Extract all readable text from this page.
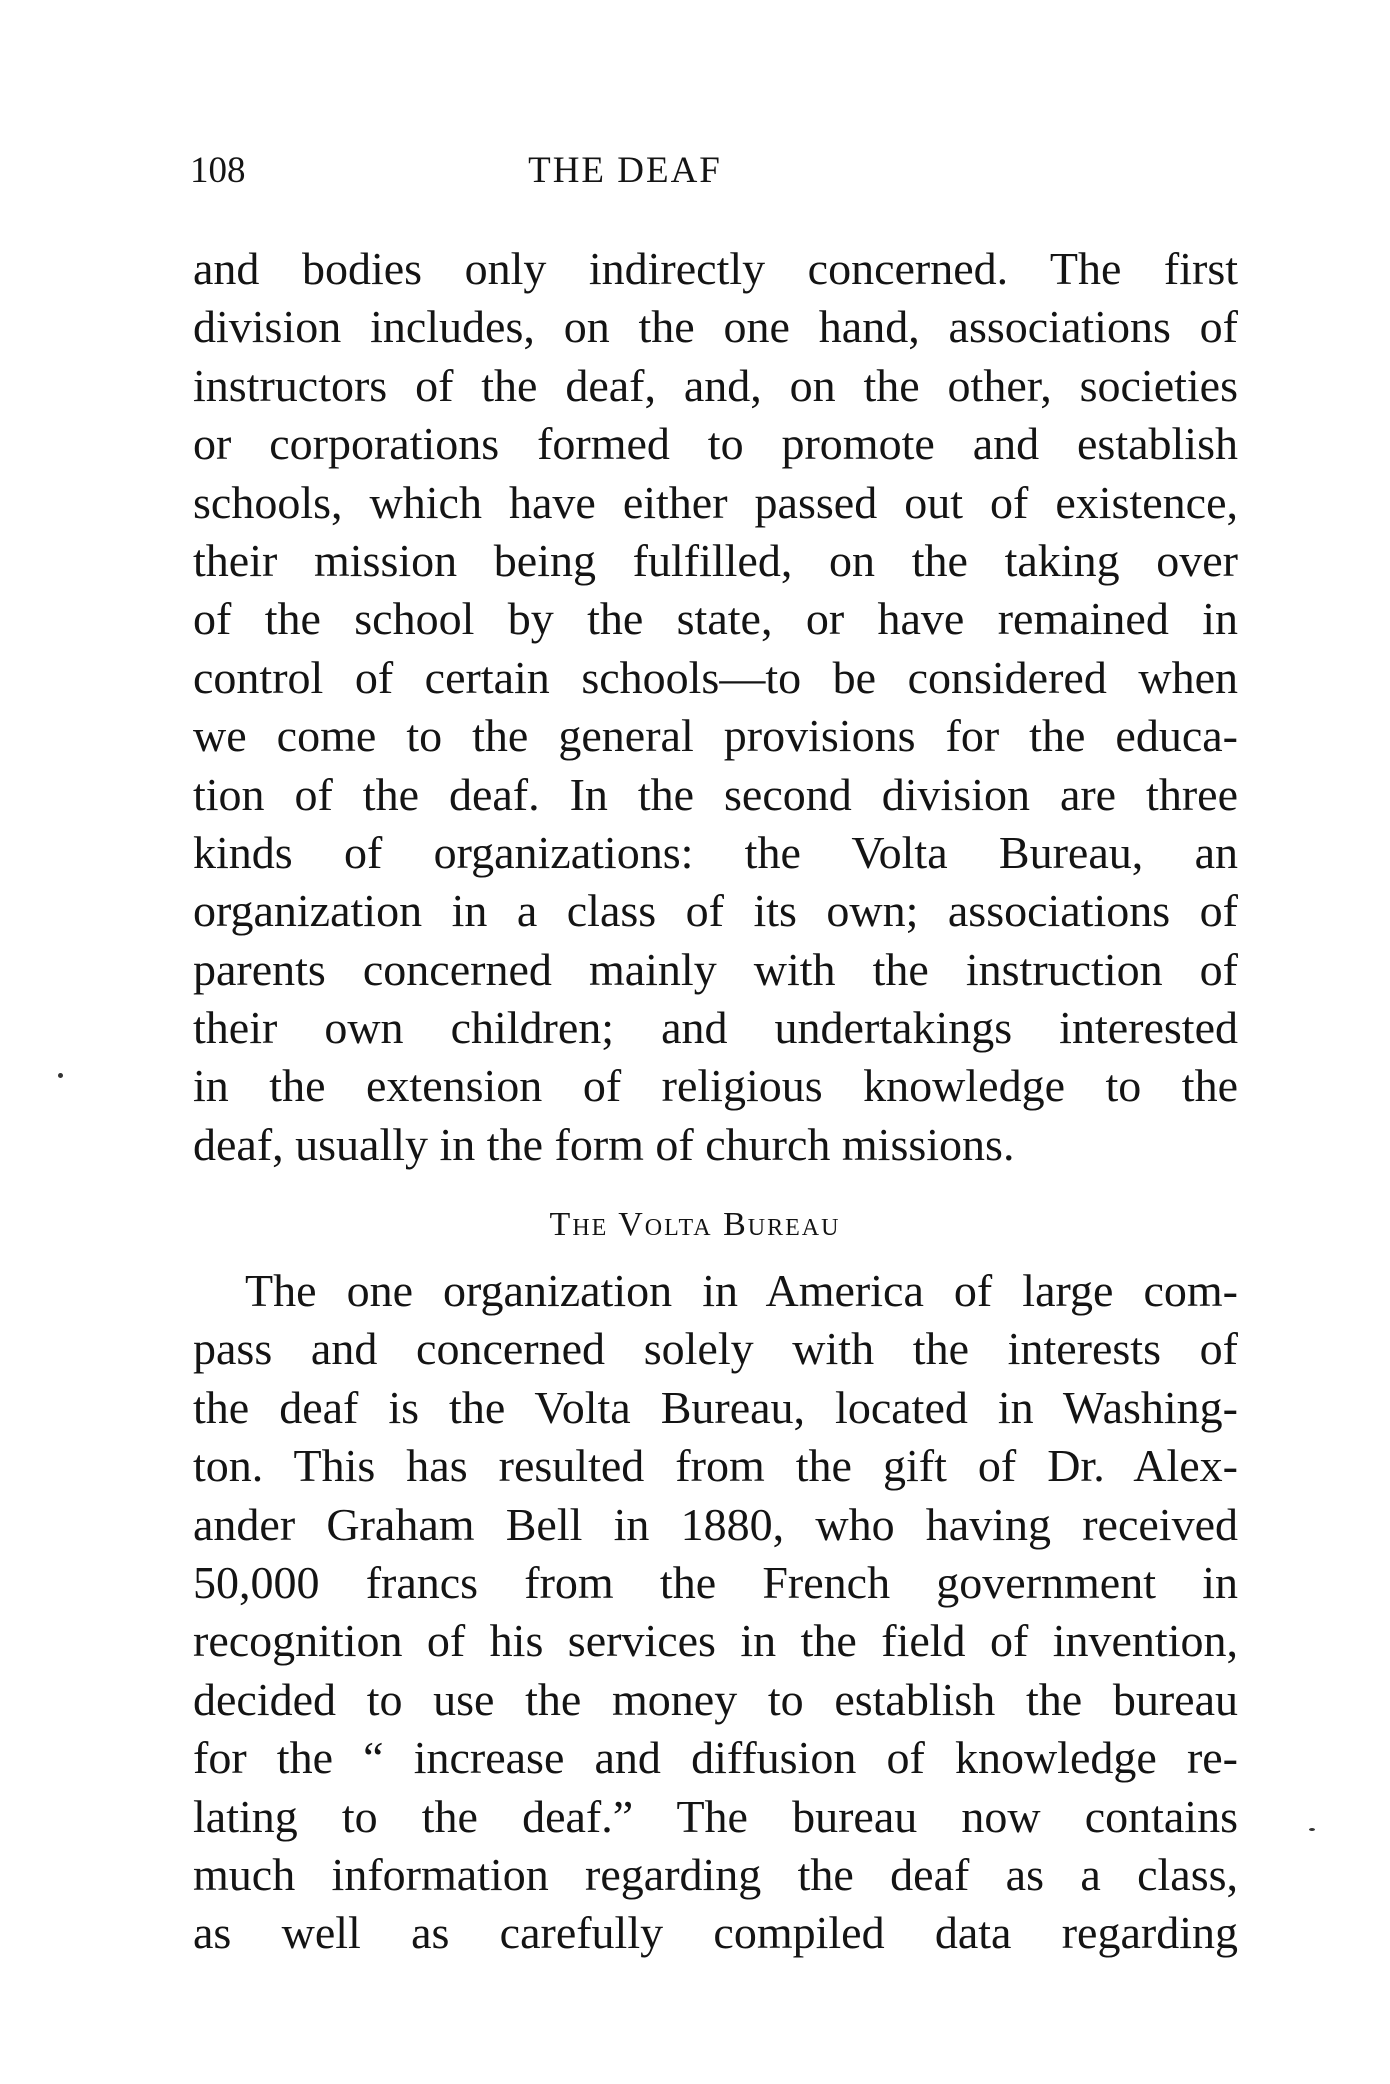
108	THE DEAF
and bodies only indirectly concerned. The first
division includes, on the one hand, associations of
instructors of the deaf, and, on the other, societies
or corporations formed to promote and establish
schools, which have either passed out of existence,
their mission being fulfilled, on the taking over
of the school by the state, or have remained in
control of certain schools—to be considered when
we come to the general provisions for the educa-
tion of the deaf. In the second division are three
kinds of organizations: the Volta Bureau, an
organization in a class of its own; associations of
parents concerned mainly with the instruction of
their own children; and undertakings interested
in the extension of religious knowledge to the
deaf, usually in the form of church missions.
The Volta Bureau
The one organization in America of large com-
pass and concerned solely with the interests of
the deaf is the Volta Bureau, located in Washing-
ton. This has resulted from the gift of Dr. Alex-
ander Graham Bell in 1880, who having received
50,000 francs from the French government in
recognition of his services in the field of invention,
decided to use the money to establish the bureau
for the “ increase and diffusion of knowledge re-
lating to the deaf.” The bureau now contains
much information regarding the deaf as a class,
as well as carefully compiled data regarding
